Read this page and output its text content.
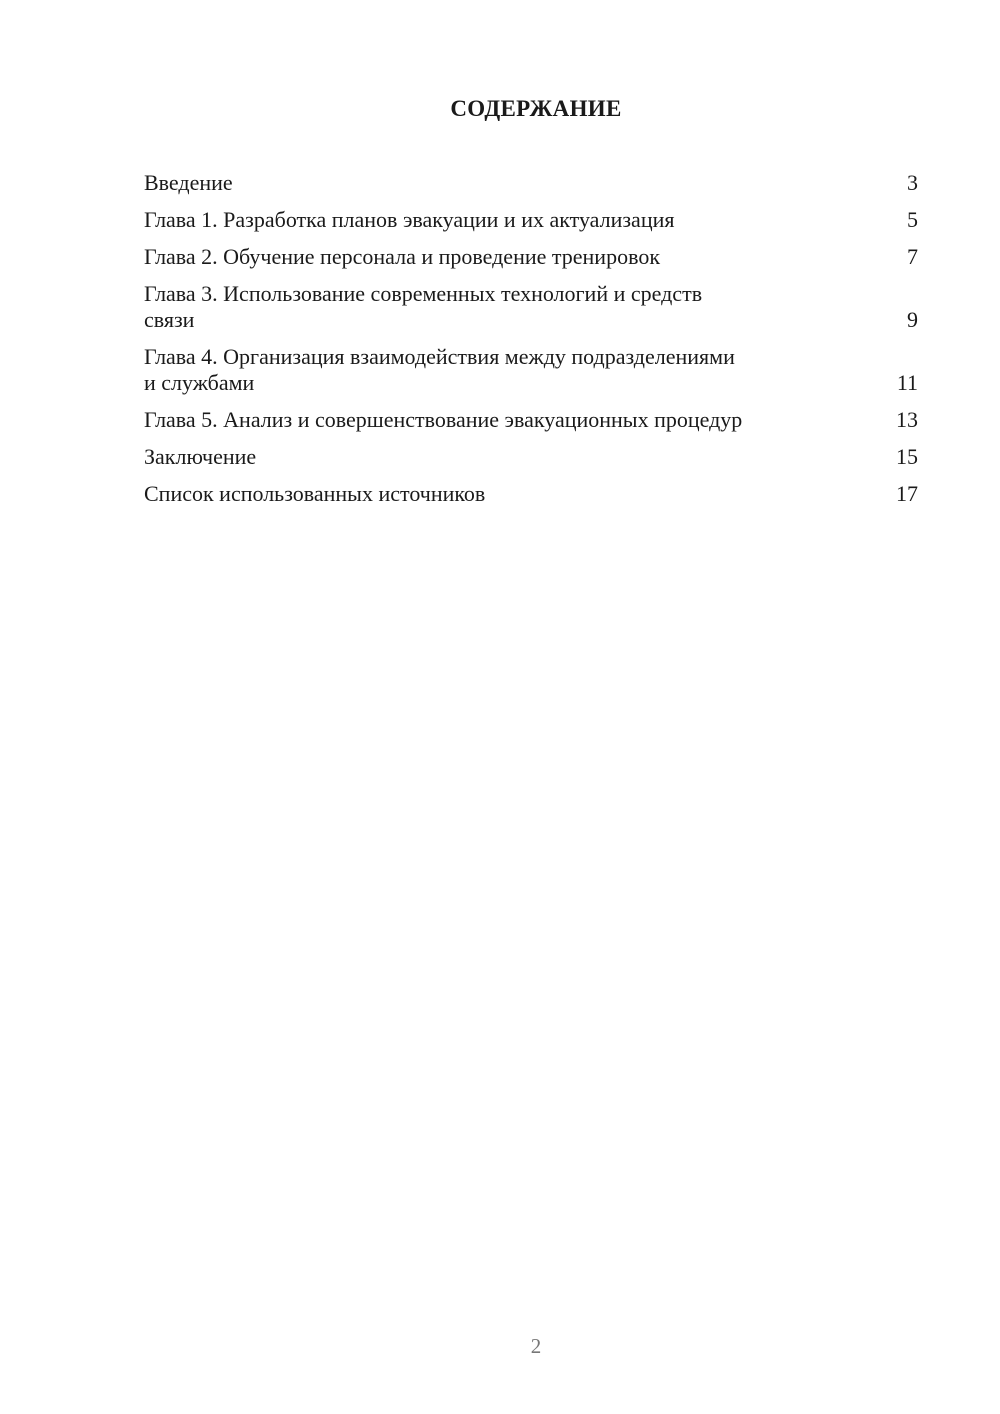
СОДЕРЖАНИЕ
Введение	3
Глава 1. Разработка планов эвакуации и их актуализация	5
Глава 2. Обучение персонала и проведение тренировок	7
Глава 3. Использование современных технологий и средств
связи	9
Глава 4. Организация взаимодействия между подразделениями
и службами	11
Глава 5. Анализ и совершенствование эвакуационных процедур	13
Заключение	15
Список использованных источников	17
2
